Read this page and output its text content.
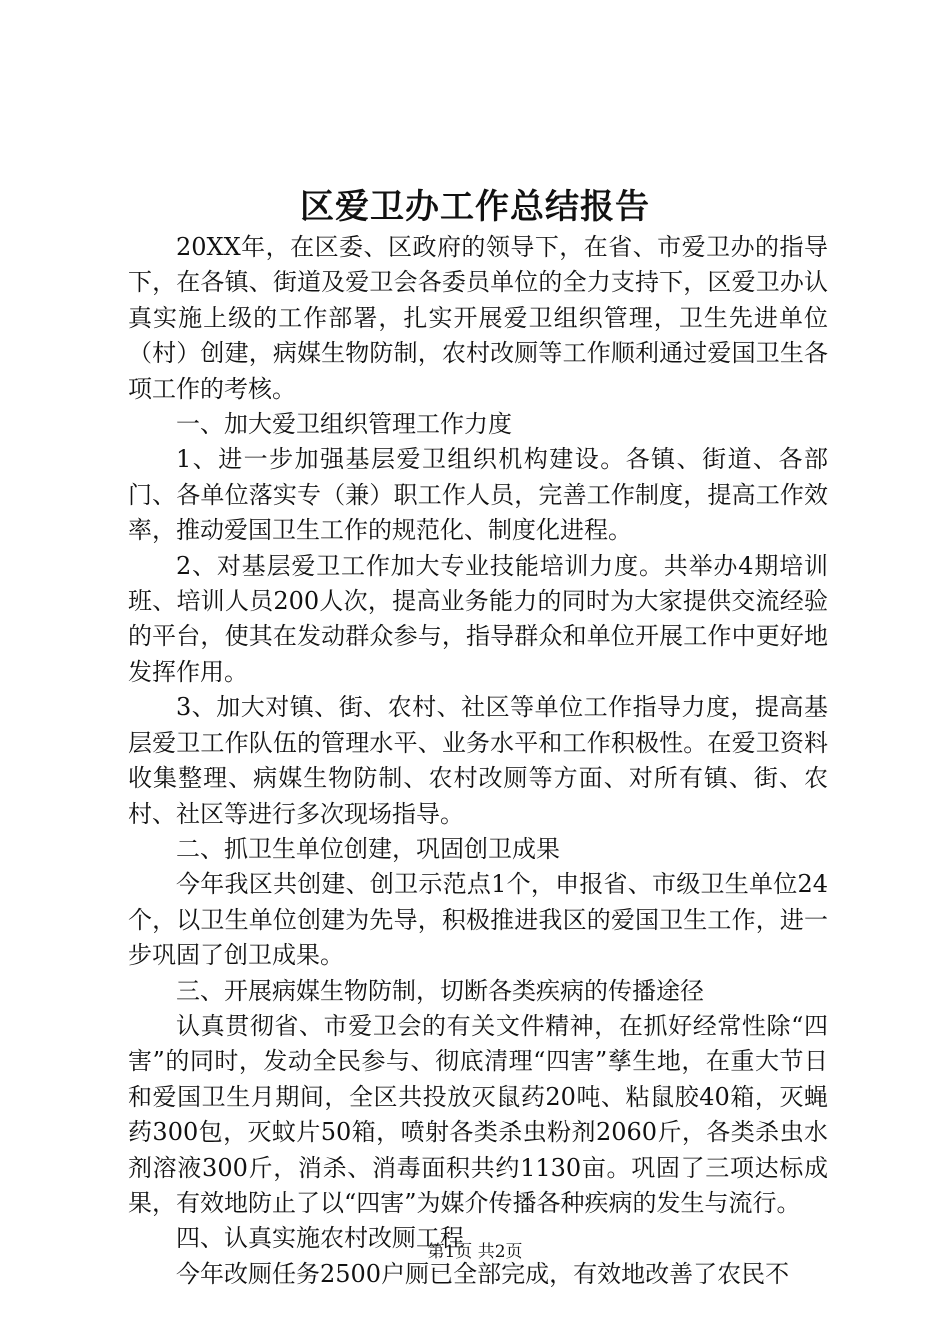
区爱卫办工作总结报告

20XX年，在区委、区政府的领导下，在省、市爱卫办的指导下，在各镇、街道及爱卫会各委员单位的全力支持下，区爱卫办认真实施上级的工作部署，扎实开展爱卫组织管理，卫生先进单位（村）创建，病媒生物防制，农村改厕等工作顺利通过爱国卫生各项工作的考核。

一、加大爱卫组织管理工作力度

1、进一步加强基层爱卫组织机构建设。各镇、街道、各部门、各单位落实专（兼）职工作人员，完善工作制度，提高工作效率，推动爱国卫生工作的规范化、制度化进程。

2、对基层爱卫工作加大专业技能培训力度。共举办4期培训班、培训人员200人次，提高业务能力的同时为大家提供交流经验的平台，使其在发动群众参与，指导群众和单位开展工作中更好地发挥作用。

3、加大对镇、街、农村、社区等单位工作指导力度，提高基层爱卫工作队伍的管理水平、业务水平和工作积极性。在爱卫资料收集整理、病媒生物防制、农村改厕等方面、对所有镇、街、农村、社区等进行多次现场指导。

二、抓卫生单位创建，巩固创卫成果

今年我区共创建、创卫示范点1个，申报省、市级卫生单位24个，以卫生单位创建为先导，积极推进我区的爱国卫生工作，进一步巩固了创卫成果。

三、开展病媒生物防制，切断各类疾病的传播途径

认真贯彻省、市爱卫会的有关文件精神，在抓好经常性除“四害”的同时，发动全民参与、彻底清理“四害”孳生地，在重大节日和爱国卫生月期间，全区共投放灭鼠药20吨、粘鼠胶40箱，灭蝇药300包，灭蚊片50箱，喷射各类杀虫粉剂2060斤，各类杀虫水剂溶液300斤，消杀、消毒面积共约1130亩。巩固了三项达标成果，有效地防止了以“四害”为媒介传播各种疾病的发生与流行。

四、认真实施农村改厕工程

今年改厕任务2500户厕已全部完成，有效地改善了农民不

第1页 共2页
